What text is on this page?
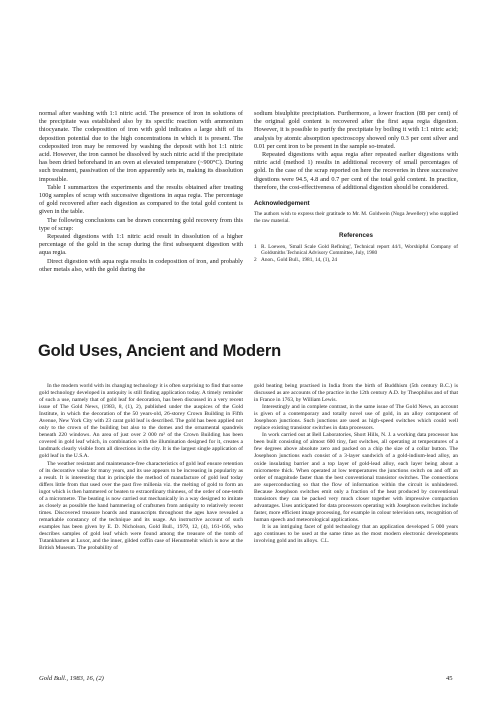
normal after washing with 1:1 nitric acid. The presence of iron in solutions of the precipitate was established also by its specific reaction with ammonium thiocyanate. The codeposition of iron with gold indicates a large shift of its deposition potential due to the high concentrations in which it is present. The codeposited iron may be removed by washing the deposit with hot 1:1 nitric acid. However, the iron cannot be dissolved by such nitric acid if the precipitate has been dried beforehand in an oven at elevated temperature (~900°C). During such treatment, passivation of the iron apparently sets in, making its dissolution impossible.

Table I summarizes the experiments and the results obtained after treating 100g samples of scrap with successive digestions in aqua regia. The percentage of gold recovered after each digestion as compared to the total gold content is given in the table.

The following conclusions can be drawn concerning gold recovery from this type of scrap:

Repeated digestions with 1:1 nitric acid result in dissolution of a higher percentage of the gold in the scrap during the first subsequent digestion with aqua regia.

Direct digestion with aqua regia results in codeposition of iron, and probably other metals also, with the gold during the

sodium bisulphite precipitation. Furthermore, a lower fraction (88 per cent) of the original gold content is recovered after the first aqua regia digestion. However, it is possible to purify the precipitate by boiling it with 1:1 nitric acid; analysis by atomic absorption spectroscopy showed only 0.3 per cent silver and 0.01 per cent iron to be present in the sample so-treated.

Repeated digestions with aqua regia after repeated earlier digestions with nitric acid (method 1) results in additional recovery of small percentages of gold. In the case of the scrap reported on here the recoveries in three successive digestions were 94.5, 4.8 and 0.7 per cent of the total gold content. In practice, therefore, the cost-effectiveness of additional digestion should be considered.

Acknowledgement

The authors wish to express their gratitude to Mr. M. Goldwein (Noga Jewellery) who supplied the raw material.

References
1 R. Loewen, 'Small Scale Gold Refining', Technical report 44/1, Worshipful Company of Goldsmiths Technical Advisory Committee, July, 1980
2 Anon., Gold Bull., 1981, 14, (1), 24
Gold Uses, Ancient and Modern

In the modern world with its changing technology it is often surprising to find that some gold technology developed in antiquity is still finding application today. A timely reminder of such a use, namely that of gold leaf for decoration, has been discussed in a very recent issue of The Gold News, (1983, 8, (1), 2), published under the auspices of the Gold Institute, in which the decoration of the 50 years-old, 26-storey Crown Building in Fifth Avenue, New York City with 23 carat gold leaf is described. The gold has been applied not only to the crown of the building but also to the domes and the ornamental spandrels beneath 220 windows. An area of just over 2 000 m² of the Crown Building has been covered in gold leaf which, in combination with the illumination designed for it, creates a landmark clearly visible from all directions in the city. It is the largest single application of gold leaf in the U.S.A.

The weather resistant and maintenance-free characteristics of gold leaf ensure retention of its decorative value for many years, and its use appears to be increasing in popularity as a result. It is interesting that in principle the method of manufacture of gold leaf today differs little from that used over the past five millenia viz. the melting of gold to form an ingot which is then hammered or beaten to extraordinary thinness, of the order of one-tenth of a micrometre. The beating is now carried out mechanically in a way designed to imitate as closely as possible the hand hammering of craftsmen from antiquity to relatively recent times. Discovered treasure hoards and manuscripts throughout the ages have revealed a remarkable constancy of the technique and its usage. An instructive account of such examples has been given by E. D. Nicholson, Gold Bull., 1979, 12, (4), 161-166, who describes samples of gold leaf which were found among the treasure of the tomb of Tutankhamen at Luxor, and the inner, gilded coffin case of Henutmehit which is now at the British Museum. The probability of

gold beating being practised in India from the birth of Buddhism (5th century B.C.) is discussed as are accounts of the practice in the 12th century A.D. by Theophilus and of that in France in 1763, by William Lewis.

Interestingly and in complete contrast, in the same issue of The Gold News, an account is given of a contemporary and totally novel use of gold, in an alloy component of Josephson junctions. Such junctions are used as high-speed switches which could well replace existing transistor switches in data processors.

In work carried out at Bell Laboratories, Short Hills, N. J. a working data processor has been built consisting of almost 600 tiny, fast switches, all operating at temperatures of a few degrees above absolute zero and packed on a chip the size of a collar button. The Josephson junctions each consist of a 3-layer sandwich of a gold-indium-lead alloy, an oxide insulating barrier and a top layer of gold-lead alloy, each layer being about a micrometre thick. When operated at low temperatures the junctions switch on and off an order of magnitude faster than the best conventional transistor switches. The connections are superconducting so that the flow of information within the circuit is unhindered. Because Josephson switches emit only a fraction of the heat produced by conventional transistors they can be packed very much closer together with impressive compaction advantages. Uses anticipated for data processors operating with Josephson switches include faster, more efficient image processing, for example in colour television sets, recognition of human speech and meteorological applications.

It is an intriguing facet of gold technology that an application developed 5 000 years ago continues to be used at the same time as the most modern electronic developments involving gold and its alloys. C.L.

Gold Bull., 1983, 16, (2)	45
